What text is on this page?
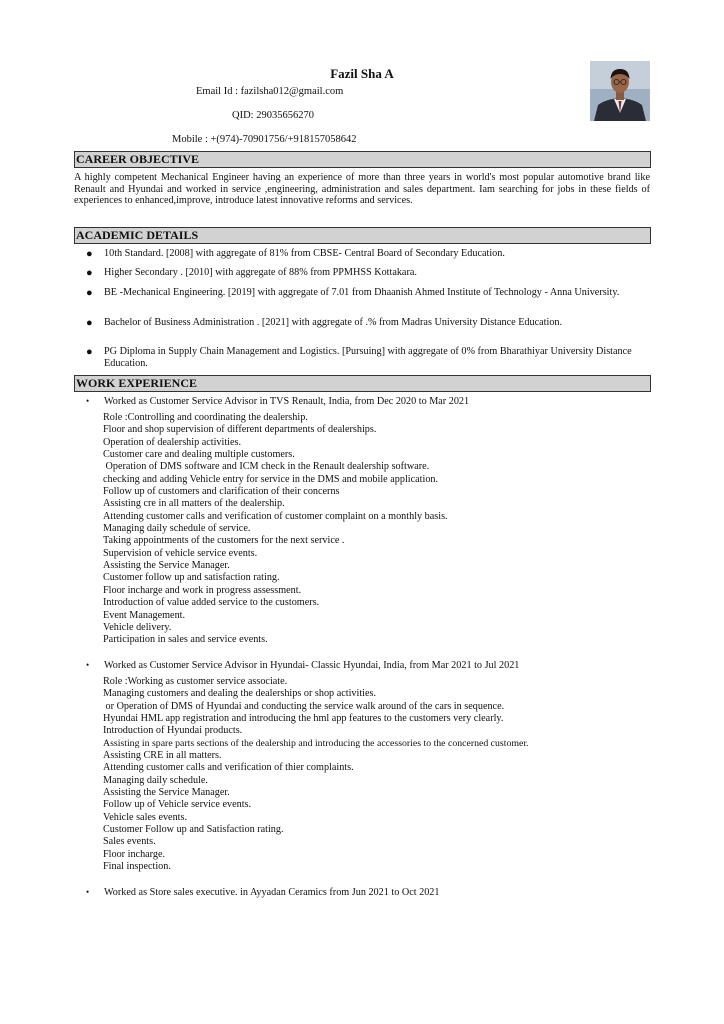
Fazil Sha A
Email Id : fazilsha012@gmail.com
QID: 29035656270
Mobile : +(974)-70901756/+918157058642
CAREER OBJECTIVE
A highly competent Mechanical Engineer having an experience of more than three years in world's most popular automotive brand like Renault and Hyundai and worked in service ,engineering, administration and sales department. Iam searching for jobs in these fields of experiences to enhanced,improve, introduce latest innovative reforms and services.
ACADEMIC DETAILS
● 10th Standard. [2008] with aggregate of 81% from CBSE- Central Board of Secondary Education.
● Higher Secondary . [2010] with aggregate of 88% from PPMHSS Kottakara.
● BE -Mechanical Engineering. [2019] with aggregate of 7.01 from Dhaanish Ahmed Institute of Technology - Anna University.
● Bachelor of Business Administration . [2021] with aggregate of .% from Madras University Distance Education.
● PG Diploma in Supply Chain Management and Logistics. [Pursuing] with aggregate of 0% from Bharathiyar University Distance Education.
WORK EXPERIENCE
• Worked as Customer Service Advisor in TVS Renault, India, from Dec 2020 to Mar 2021
Role :Controlling and coordinating the dealership.
Floor and shop supervision of different departments of dealerships.
Operation of dealership activities.
Customer care and dealing multiple customers.
Operation of DMS software and ICM check in the Renault dealership software.
checking and adding Vehicle entry for service in the DMS and mobile application.
Follow up of customers and clarification of their concerns
Assisting cre in all matters of the dealership.
Attending customer calls and verification of customer complaint on a monthly basis.
Managing daily schedule of service.
Taking appointments of the customers for the next service .
Supervision of vehicle service events.
Assisting the Service Manager.
Customer follow up and satisfaction rating.
Floor incharge and work in progress assessment.
Introduction of value added service to the customers.
Event Management.
Vehicle delivery.
Participation in sales and service events.
• Worked as Customer Service Advisor in Hyundai- Classic Hyundai, India, from Mar 2021 to Jul 2021
Role :Working as customer service associate.
Managing customers and dealing the dealerships or shop activities.
or Operation of DMS of Hyundai and conducting the service walk around of the cars in sequence.
Hyundai HML app registration and introducing the hml app features to the customers very clearly.
Introduction of Hyundai products.
Assisting in spare parts sections of the dealership and introducing the accessories to the concerned customer.
Assisting CRE in all matters.
Attending customer calls and verification of thier complaints.
Managing daily schedule.
Assisting the Service Manager.
Follow up of Vehicle service events.
Vehicle sales events.
Customer Follow up and Satisfaction rating.
Sales events.
Floor incharge.
Final inspection.
• Worked as Store sales executive. in Ayyadan Ceramics from Jun 2021 to Oct 2021
